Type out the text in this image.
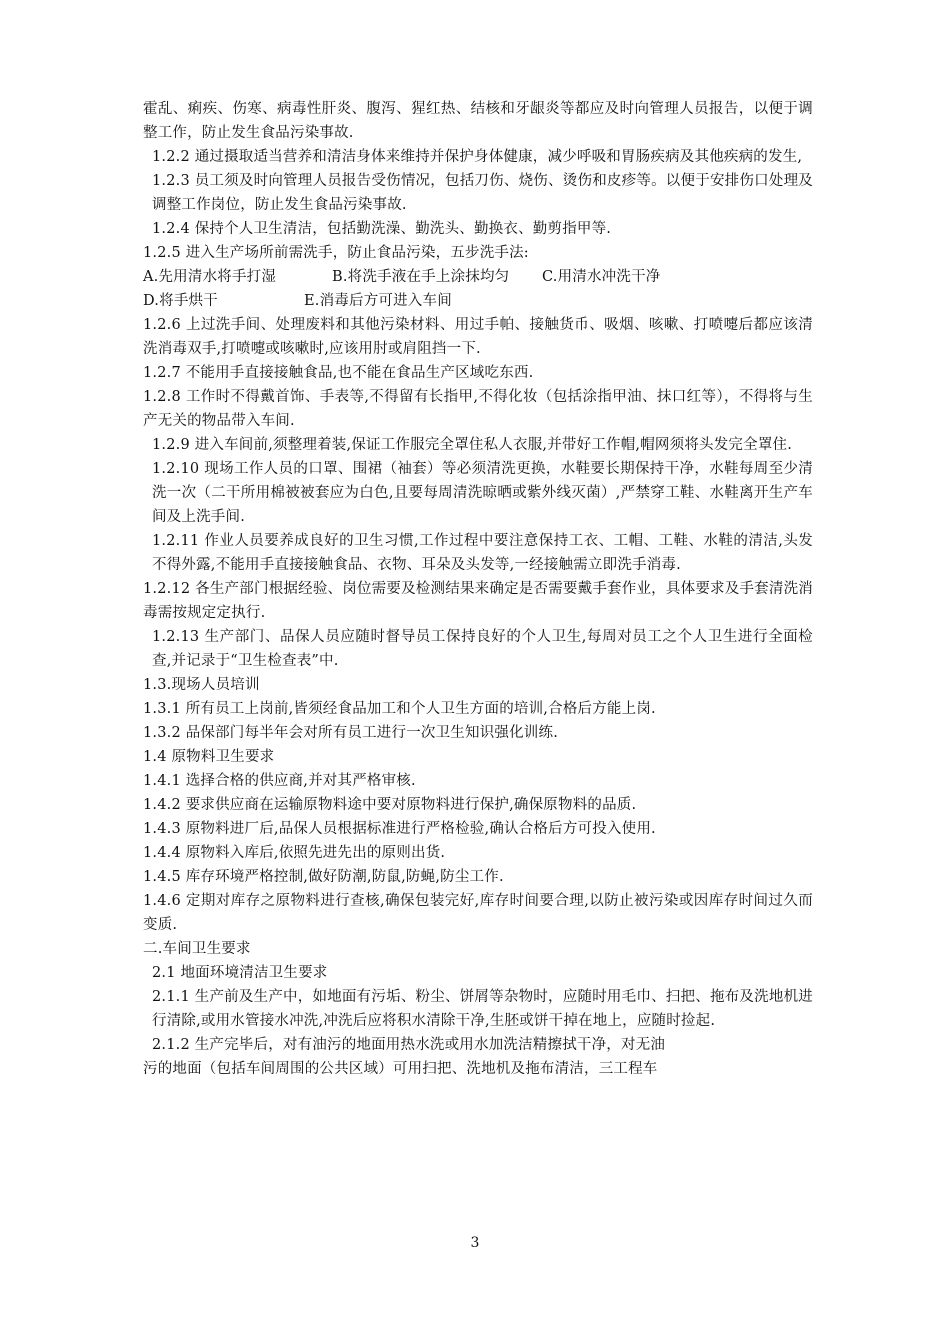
霍乱、痢疾、伤寒、病毒性肝炎、腹泻、猩红热、结核和牙龈炎等都应及时向管理人员报告，以便于调整工作，防止发生食品污染事故.

1.2.2 通过摄取适当营养和清洁身体来维持并保护身体健康，减少呼吸和胃肠疾病及其他疾病的发生,

1.2.3 员工须及时向管理人员报告受伤情况，包括刀伤、烧伤、烫伤和皮疹等。以便于安排伤口处理及调整工作岗位，防止发生食品污染事故.

1.2.4 保持个人卫生清洁，包括勤洗澡、勤洗头、勤换衣、勤剪指甲等.

1.2.5 进入生产场所前需洗手，防止食品污染，五步洗手法:

A.先用清水将手打湿	B.将洗手液在手上涂抹均匀	C.用清水冲洗干净
D.将手烘干	E.消毒后方可进入车间

1.2.6 上过洗手间、处理废料和其他污染材料、用过手帕、接触货币、吸烟、咳嗽、打喷嚏后都应该清洗消毒双手,打喷嚏或咳嗽时,应该用肘或肩阻挡一下.

1.2.7 不能用手直接接触食品,也不能在食品生产区域吃东西.

1.2.8 工作时不得戴首饰、手表等,不得留有长指甲,不得化妆（包括涂指甲油、抹口红等），不得将与生产无关的物品带入车间.

1.2.9 进入车间前,须整理着装,保证工作服完全罩住私人衣服,并带好工作帽,帽网须将头发完全罩住.

1.2.10 现场工作人员的口罩、围裙（袖套）等必须清洗更换，水鞋要长期保持干净，水鞋每周至少清洗一次（二干所用棉被被套应为白色,且要每周清洗晾晒或紫外线灭菌）,严禁穿工鞋、水鞋离开生产车间及上洗手间.

1.2.11 作业人员要养成良好的卫生习惯,工作过程中要注意保持工衣、工帽、工鞋、水鞋的清洁,头发不得外露,不能用手直接接触食品、衣物、耳朵及头发等,一经接触需立即洗手消毒.

1.2.12 各生产部门根据经验、岗位需要及检测结果来确定是否需要戴手套作业，具体要求及手套清洗消毒需按规定定执行.

1.2.13 生产部门、品保人员应随时督导员工保持良好的个人卫生,每周对员工之个人卫生进行全面检查,并记录于“卫生检查表”中.

1.3.现场人员培训

1.3.1 所有员工上岗前,皆须经食品加工和个人卫生方面的培训,合格后方能上岗.

1.3.2 品保部门每半年会对所有员工进行一次卫生知识强化训练.

1.4 原物料卫生要求

1.4.1 选择合格的供应商,并对其严格审核.

1.4.2 要求供应商在运输原物料途中要对原物料进行保护,确保原物料的品质.

1.4.3 原物料进厂后,品保人员根据标准进行严格检验,确认合格后方可投入使用.

1.4.4 原物料入库后,依照先进先出的原则出货.

1.4.5 库存环境严格控制,做好防潮,防鼠,防蝇,防尘工作.

1.4.6 定期对库存之原物料进行查核,确保包装完好,库存时间要合理,以防止被污染或因库存时间过久而变质.

二.车间卫生要求

2.1 地面环境清洁卫生要求

2.1.1 生产前及生产中，如地面有污垢、粉尘、饼屑等杂物时，应随时用毛巾、扫把、拖布及洗地机进行清除,或用水管接水冲洗,冲洗后应将积水清除干净,生胚或饼干掉在地上，应随时捡起.

2.1.2 生产完毕后，对有油污的地面用热水洗或用水加洗洁精擦拭干净，对无油

污的地面（包括车间周围的公共区域）可用扫把、洗地机及拖布清洁，三工程车

3
